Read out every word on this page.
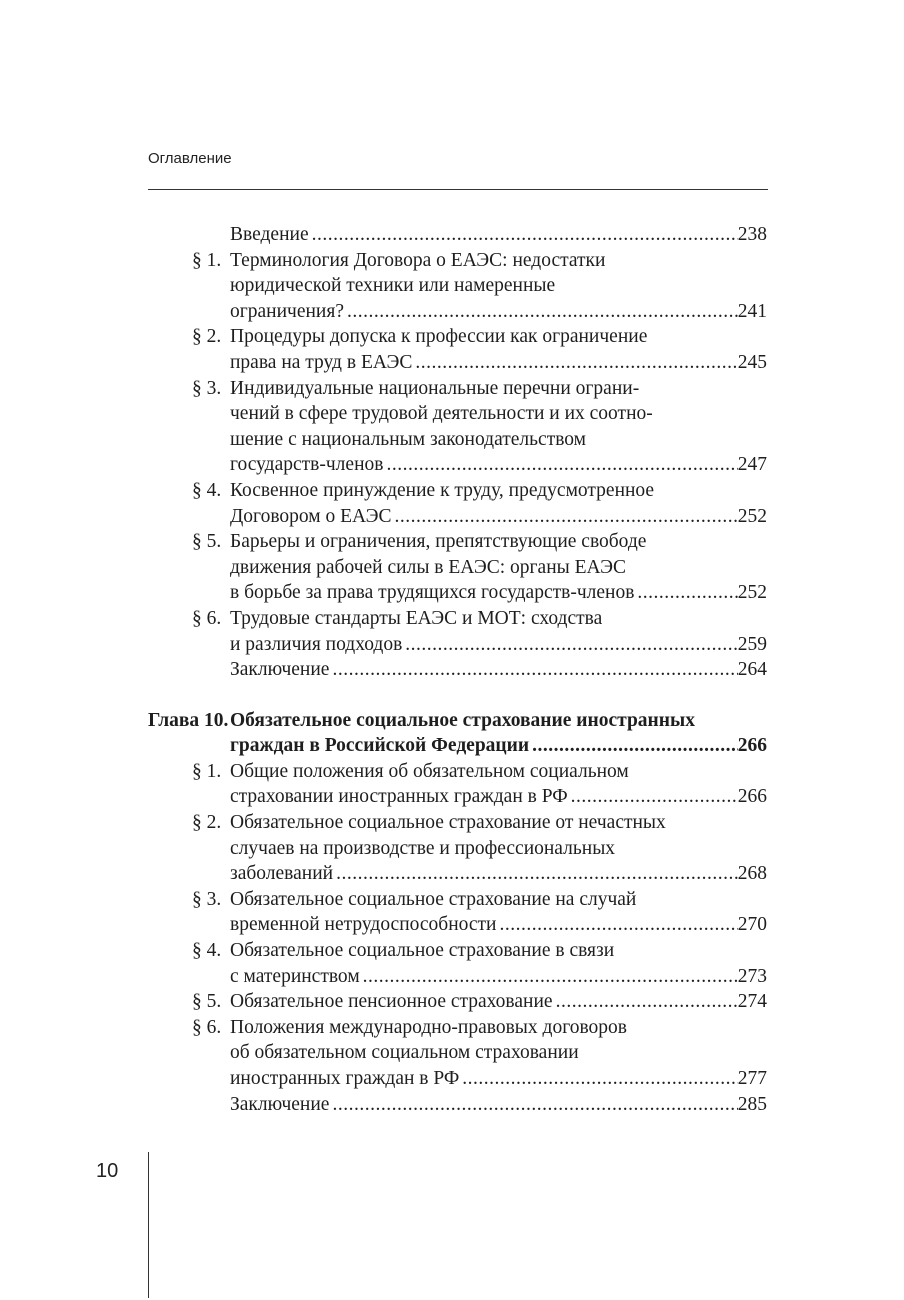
Оглавление
Введение .....	238
§ 1. Терминология Договора о ЕАЭС: недостатки
юридической техники или намеренные
ограничения? .....	241
§ 2. Процедуры допуска к профессии как ограничение
права на труд в ЕАЭС .....	245
§ 3. Индивидуальные национальные перечни ограни-
чений в сфере трудовой деятельности и их соотно-
шение с национальным законодательством
государств-членов .....	247
§ 4. Косвенное принуждение к труду, предусмотренное
Договором о ЕАЭС .....	252
§ 5. Барьеры и ограничения, препятствующие свободе
движения рабочей силы в ЕАЭС: органы ЕАЭС
в борьбе за права трудящихся государств-членов .....	252
§ 6. Трудовые стандарты ЕАЭС и МОТ: сходства
и различия подходов .....	259
Заключение .....	264
Глава 10. Обязательное социальное страхование иностранных
граждан в Российской Федерации .....	266
§ 1. Общие положения об обязательном социальном
страховании иностранных граждан в РФ .....	266
§ 2. Обязательное социальное страхование от нечастных
случаев на производстве и профессиональных
заболеваний .....	268
§ 3. Обязательное социальное страхование на случай
временной нетрудоспособности .....	270
§ 4. Обязательное социальное страхование в связи
с материнством .....	273
§ 5. Обязательное пенсионное страхование .....	274
§ 6. Положения международно-правовых договоров
об обязательном социальном страховании
иностранных граждан в РФ .....	277
Заключение .....	285
10
